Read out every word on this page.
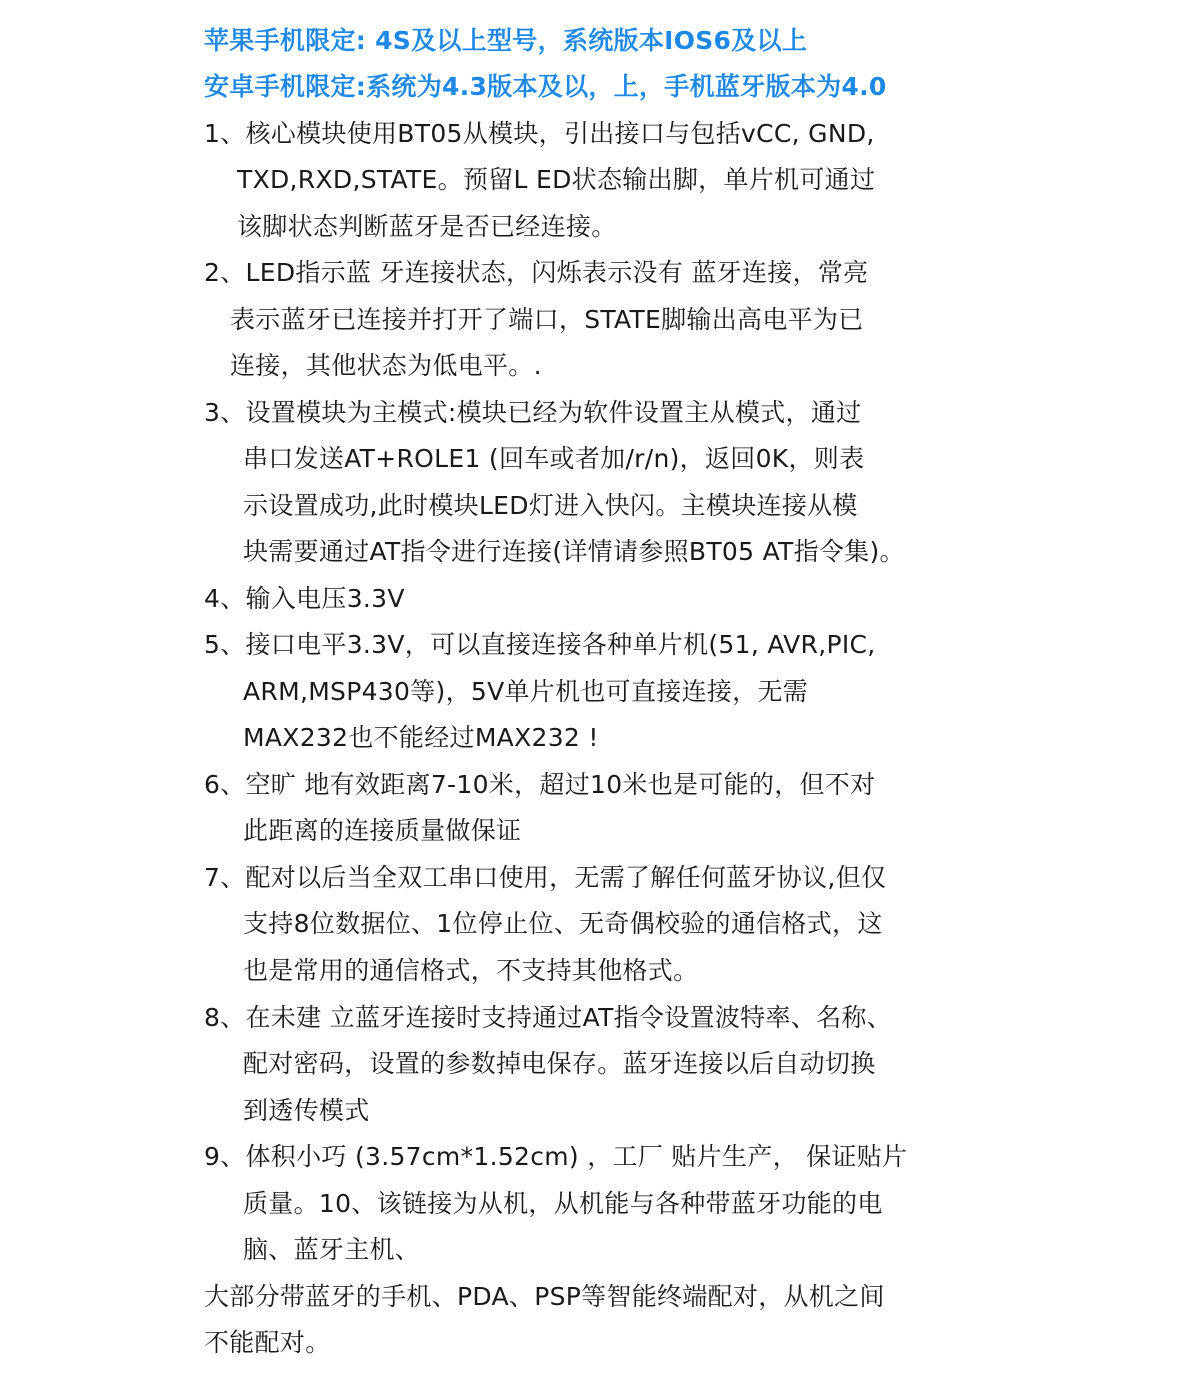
苹果手机限定: 4S及以上型号，系统版本IOS6及以上
安卓手机限定:系统为4.3版本及以，上，手机蓝牙版本为4.0
1、核心模块使用BT05从模块，引出接口与包括vCC, GND,
TXD,RXD,STATE。预留L ED状态输出脚，单片机可通过
该脚状态判断蓝牙是否已经连接。
2、LED指示蓝 牙连接状态，闪烁表示没有 蓝牙连接，常亮
表示蓝牙已连接并打开了端口，STATE脚输出高电平为已
连接，其他状态为低电平。.
3、设置模块为主模式:模块已经为软件设置主从模式，通过
串口发送AT+ROLE1 (回车或者加/r/n)，返回0K，则表
示设置成功,此时模块LED灯进入快闪。主模块连接从模
块需要通过AT指令进行连接(详情请参照BT05 AT指令集)。
4、输入电压3.3V
5、接口电平3.3V，可以直接连接各种单片机(51, AVR,PIC,
ARM,MSP430等)，5V单片机也可直接连接，无需
MAX232也不能经过MAX232 !
6、空旷 地有效距离7-10米，超过10米也是可能的，但不对
此距离的连接质量做保证
7、配对以后当全双工串口使用，无需了解任何蓝牙协议,但仅
支持8位数据位、1位停止位、无奇偶校验的通信格式，这
也是常用的通信格式，不支持其他格式。
8、在未建 立蓝牙连接时支持通过AT指令设置波特率、名称、
配对密码，设置的参数掉电保存。蓝牙连接以后自动切换
到透传模式
9、体积小巧 (3.57cm*1.52cm) ，工厂 贴片生产， 保证贴片
质量。10、该链接为从机，从机能与各种带蓝牙功能的电
脑、蓝牙主机、
大部分带蓝牙的手机、PDA、PSP等智能终端配对，从机之间
不能配对。
